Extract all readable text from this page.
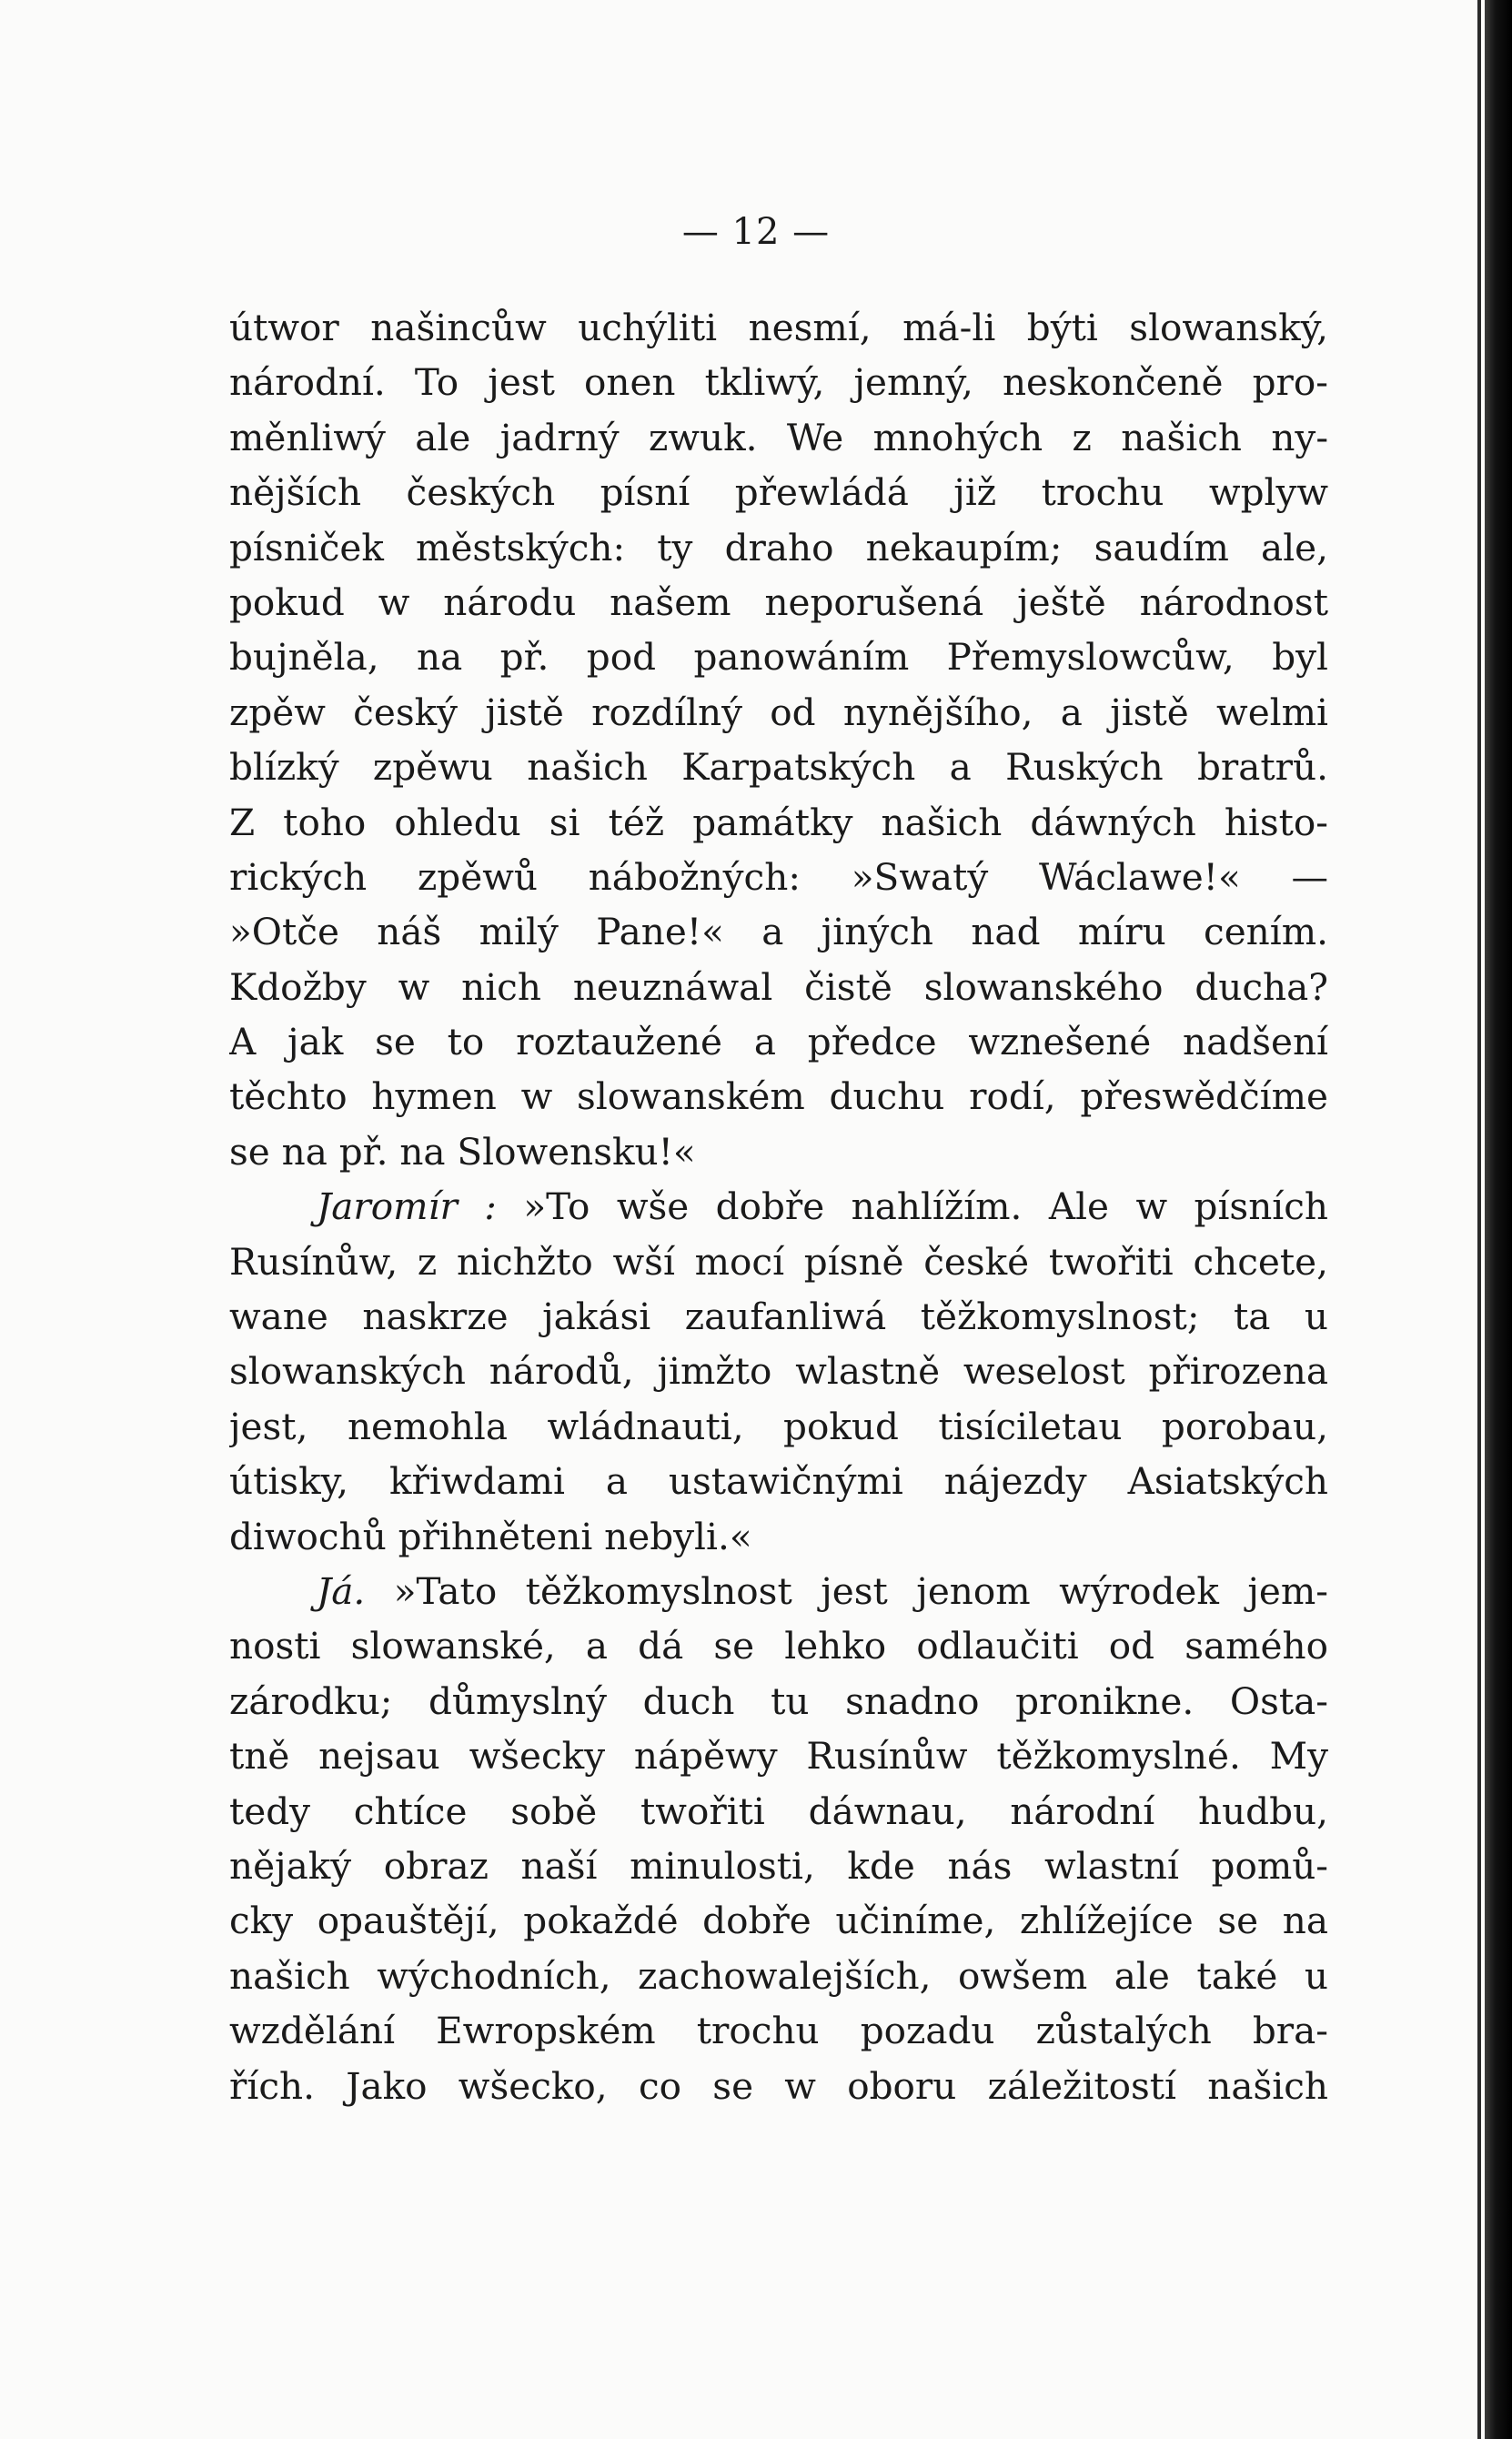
— 12 —
útwor našincůw uchýliti nesmí, má-li býti slowanský,
národní. To jest onen tkliwý, jemný, neskončeně pro-
měnliwý ale jadrný zwuk. We mnohých z našich ny-
nějších českých písní přewládá již trochu wplyw
písniček městských: ty draho nekaupím; saudím ale,
pokud w národu našem neporušená ještě národnost
bujněla, na př. pod panowáním Přemyslowcůw, byl
zpěw český jistě rozdílný od nynějšího, a jistě welmi
blízký zpěwu našich Karpatských a Ruských bratrů.
Z toho ohledu si též památky našich dáwných histo-
rických zpěwů nábožných: »Swatý Wáclawe!« —
»Otče náš milý Pane!« a jiných nad míru cením.
Kdožby w nich neuznáwal čistě slowanského ducha?
A jak se to roztaužené a předce wznešené nadšení
těchto hymen w slowanském duchu rodí, přeswědčíme
se na př. na Slowensku!«
Jaromír : »To wše dobře nahlížím. Ale w písních
Rusínůw, z nichžto wší mocí písně české twořiti chcete,
wane naskrze jakási zaufanliwá těžkomyslnost; ta u
slowanských národů, jimžto wlastně weselost přirozena
jest, nemohla wládnauti, pokud tisíciletau porobau,
útisky, křiwdami a ustawičnými nájezdy Asiatských
diwochů přihněteni nebyli.«
Já. »Tato těžkomyslnost jest jenom wýrodek jem-
nosti slowanské, a dá se lehko odlaučiti od samého
zárodku; důmyslný duch tu snadno pronikne. Osta-
tně nejsau wšecky nápěwy Rusínůw těžkomyslné. My
tedy chtíce sobě twořiti dáwnau, národní hudbu,
nějaký obraz naší minulosti, kde nás wlastní pomů-
cky opauštějí, pokaždé dobře učiníme, zhlížejíce se na
našich wýchodních, zachowalejších, owšem ale také u
wzdělání Ewropském trochu pozadu zůstalých bra-
řích. Jako wšecko, co se w oboru záležitostí našich
